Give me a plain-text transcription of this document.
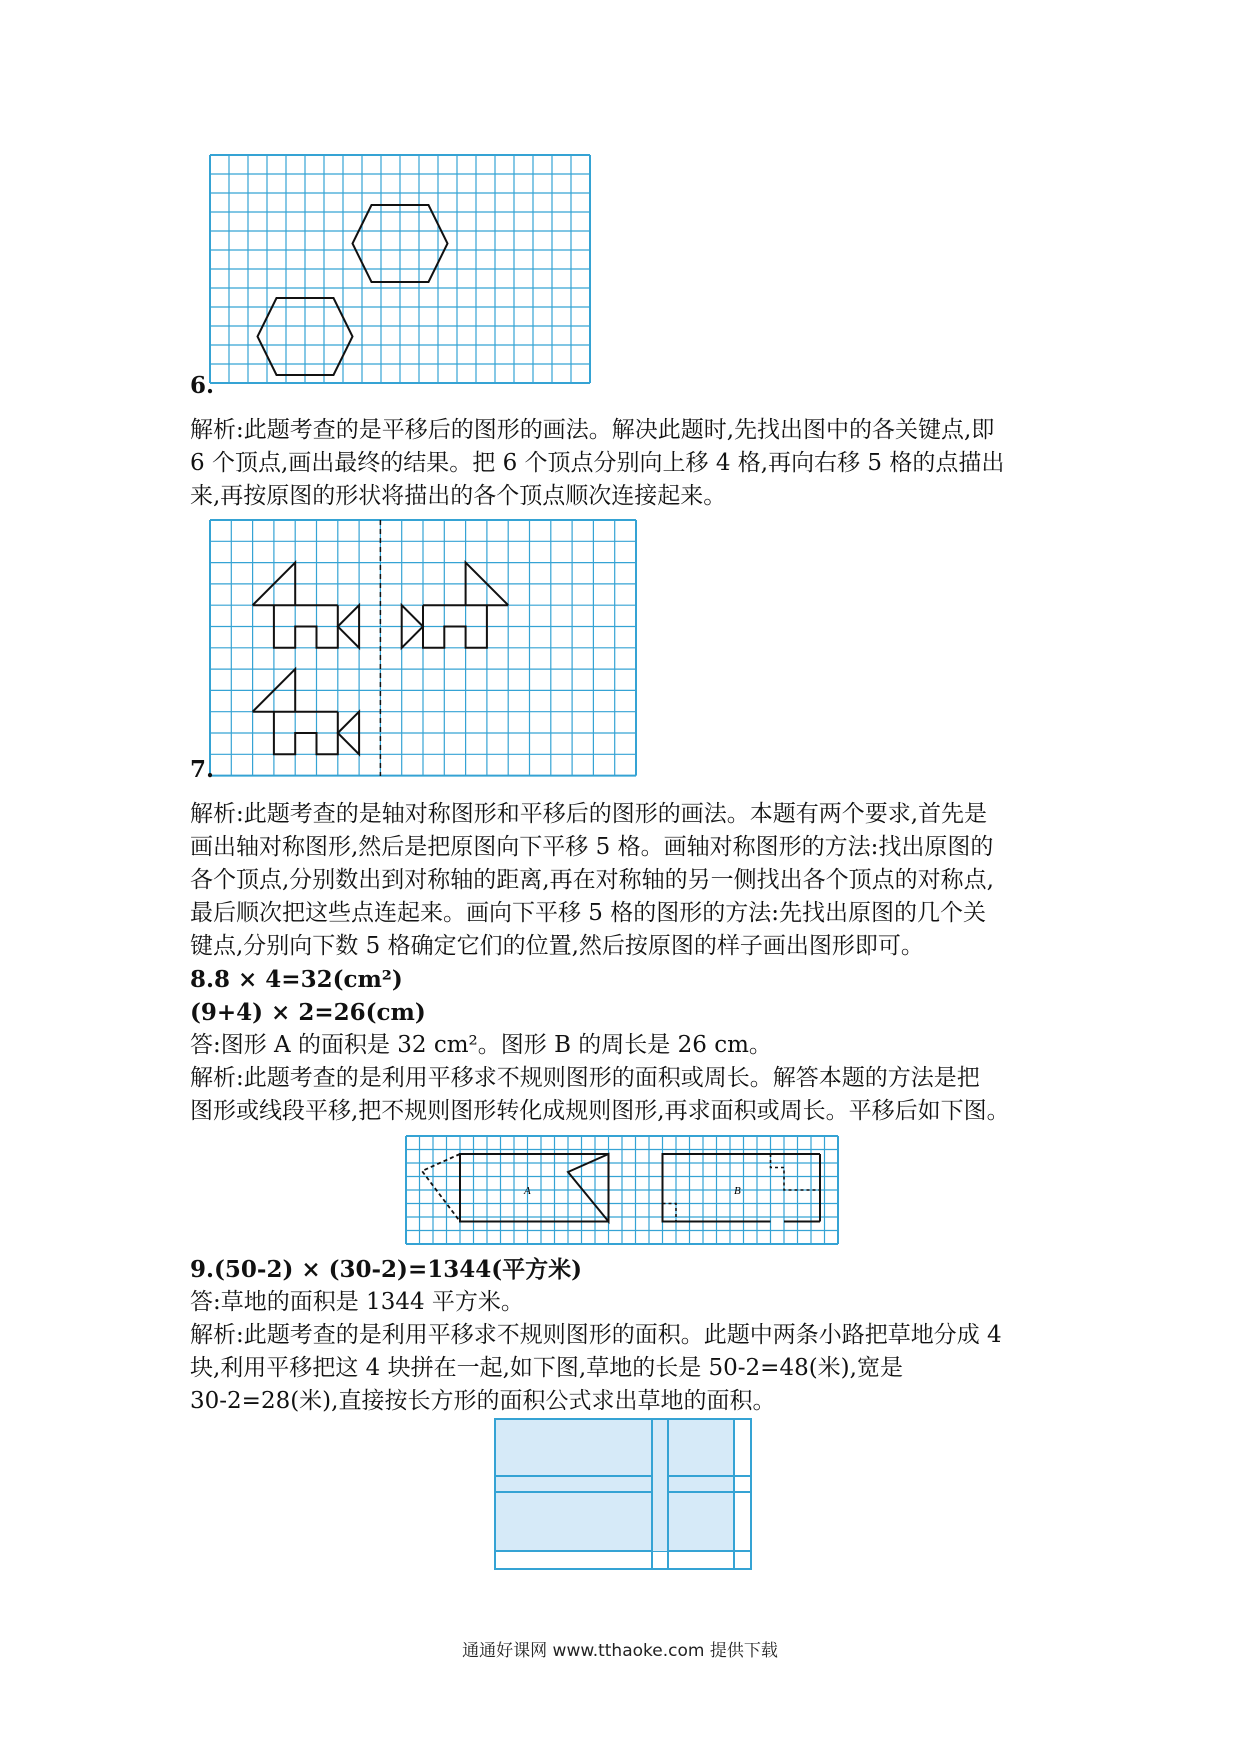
6.
解析:此题考查的是平移后的图形的画法。解决此题时,先找出图中的各关键点,即
6 个顶点,画出最终的结果。把 6 个顶点分别向上移 4 格,再向右移 5 格的点描出
来,再按原图的形状将描出的各个顶点顺次连接起来。
7.
解析:此题考查的是轴对称图形和平移后的图形的画法。本题有两个要求,首先是
画出轴对称图形,然后是把原图向下平移 5 格。画轴对称图形的方法:找出原图的
各个顶点,分别数出到对称轴的距离,再在对称轴的另一侧找出各个顶点的对称点,
最后顺次把这些点连起来。画向下平移 5 格的图形的方法:先找出原图的几个关
键点,分别向下数 5 格确定它们的位置,然后按原图的样子画出图形即可。
8.8 × 4=32(cm²)
(9+4) × 2=26(cm)
答:图形 A 的面积是 32 cm²。图形 B 的周长是 26 cm。
解析:此题考查的是利用平移求不规则图形的面积或周长。解答本题的方法是把
图形或线段平移,把不规则图形转化成规则图形,再求面积或周长。平移后如下图。
A	B
9.(50-2) × (30-2)=1344(平方米)
答:草地的面积是 1344 平方米。
解析:此题考查的是利用平移求不规则图形的面积。此题中两条小路把草地分成 4
块,利用平移把这 4 块拼在一起,如下图,草地的长是 50-2=48(米),宽是
30-2=28(米),直接按长方形的面积公式求出草地的面积。
通通好课网 www.tthaoke.com 提供下载
